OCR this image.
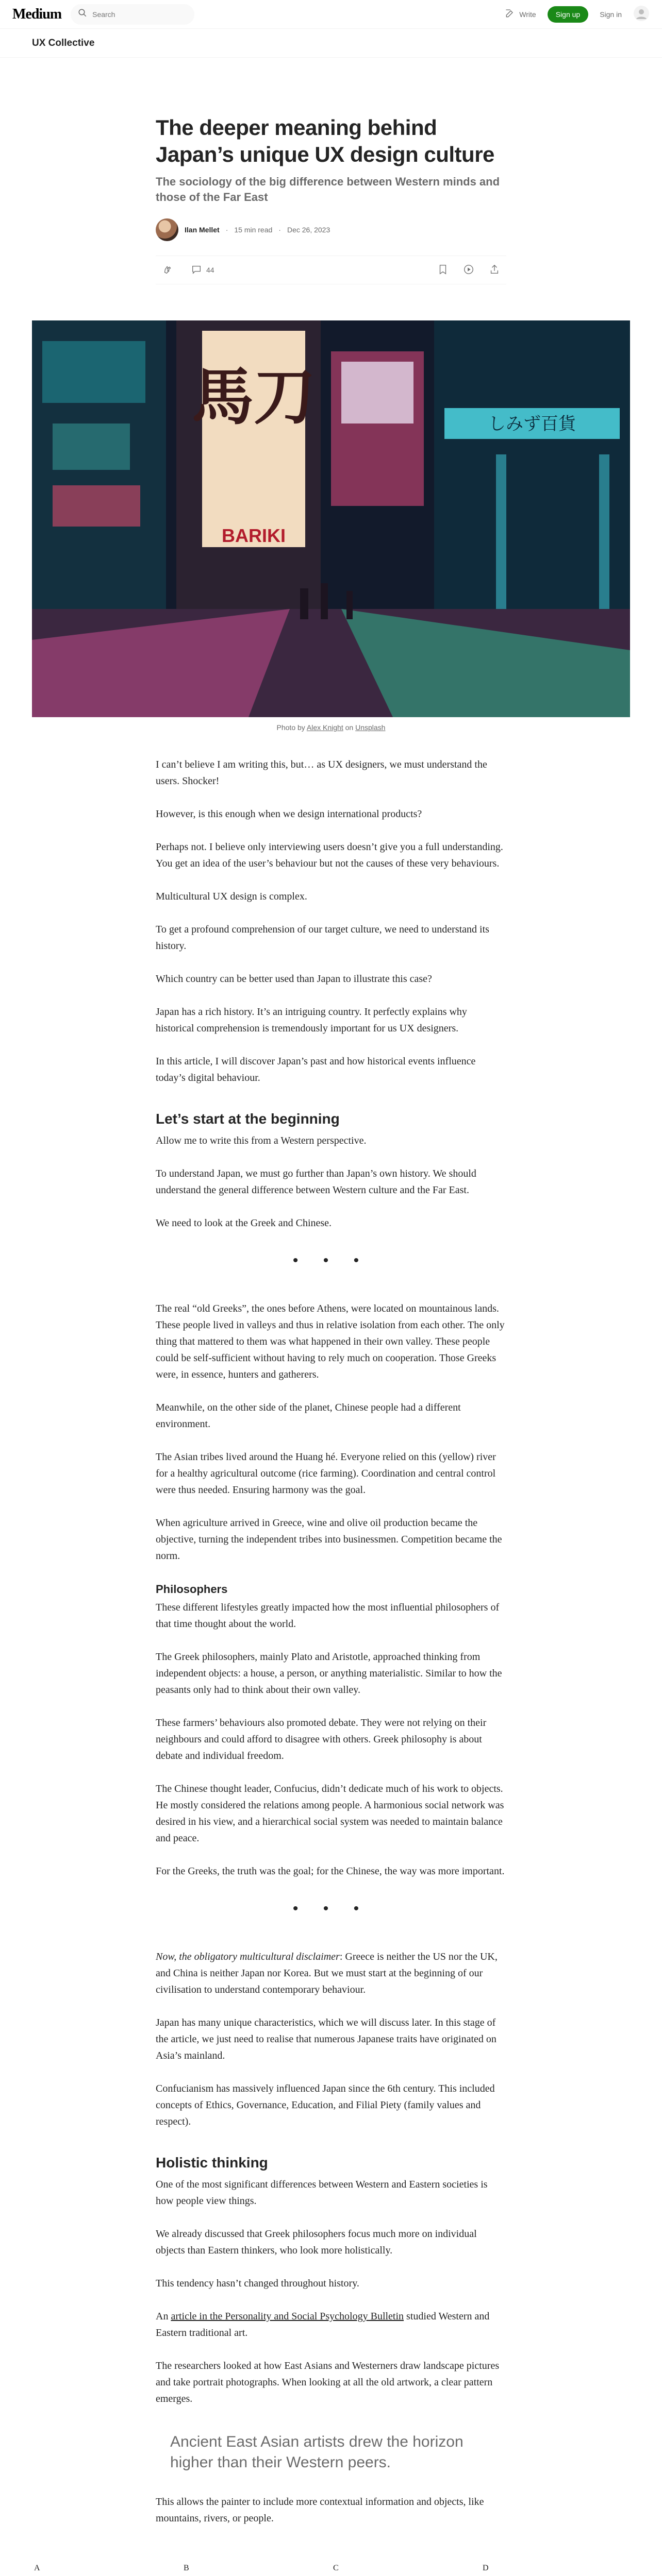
Medium
Search	Write	Sign up	Sign in
UX Collective
The deeper meaning behind Japan’s unique UX design culture
The sociology of the big difference between Western minds and those of the Far East
Ilan Mellet · 15 min read · Dec 26, 2023
44
馬刀
BARIKI
しみず百貨
Photo by Alex Knight on Unsplash

I can’t believe I am writing this, but… as UX designers, we must understand the users. Shocker!

However, is this enough when we design international products?

Perhaps not. I believe only interviewing users doesn’t give you a full understanding. You get an idea of the user’s behaviour but not the causes of these very behaviours.

Multicultural UX design is complex.

To get a profound comprehension of our target culture, we need to understand its history.

Which country can be better used than Japan to illustrate this case?

Japan has a rich history. It’s an intriguing country. It perfectly explains why historical comprehension is tremendously important for us UX designers.

In this article, I will discover Japan’s past and how historical events influence today’s digital behaviour.

Let’s start at the beginning

Allow me to write this from a Western perspective.

To understand Japan, we must go further than Japan’s own history. We should understand the general difference between Western culture and the Far East.

We need to look at the Greek and Chinese.

• • •

The real “old Greeks”, the ones before Athens, were located on mountainous lands. These people lived in valleys and thus in relative isolation from each other. The only thing that mattered to them was what happened in their own valley. These people could be self-sufficient without having to rely much on cooperation. Those Greeks were, in essence, hunters and gatherers.

Meanwhile, on the other side of the planet, Chinese people had a different environment.

The Asian tribes lived around the Huang hé. Everyone relied on this (yellow) river for a healthy agricultural outcome (rice farming). Coordination and central control were thus needed. Ensuring harmony was the goal.

When agriculture arrived in Greece, wine and olive oil production became the objective, turning the independent tribes into businessmen. Competition became the norm.

Philosophers

These different lifestyles greatly impacted how the most influential philosophers of that time thought about the world.

The Greek philosophers, mainly Plato and Aristotle, approached thinking from independent objects: a house, a person, or anything materialistic. Similar to how the peasants only had to think about their own valley.

These farmers’ behaviours also promoted debate. They were not relying on their neighbours and could afford to disagree with others. Greek philosophy is about debate and individual freedom.

The Chinese thought leader, Confucius, didn’t dedicate much of his work to objects. He mostly considered the relations among people. A harmonious social network was desired in his view, and a hierarchical social system was needed to maintain balance and peace.

For the Greeks, the truth was the goal; for the Chinese, the way was more important.

• • •

Now, the obligatory multicultural disclaimer: Greece is neither the US nor the UK, and China is neither Japan nor Korea. But we must start at the beginning of our civilisation to understand contemporary behaviour.

Japan has many unique characteristics, which we will discuss later. In this stage of the article, we just need to realise that numerous Japanese traits have originated on Asia’s mainland.

Confucianism has massively influenced Japan since the 6th century. This included concepts of Ethics, Governance, Education, and Filial Piety (family values and respect).

Holistic thinking

One of the most significant differences between Western and Eastern societies is how people view things.

We already discussed that Greek philosophers focus much more on individual objects than Eastern thinkers, who look more holistically.

This tendency hasn’t changed throughout history.

An article in the Personality and Social Psychology Bulletin studied Western and Eastern traditional art.

The researchers looked at how East Asians and Westerners draw landscape pictures and take portrait photographs. When looking at all the old artwork, a clear pattern emerges.

Ancient East Asian artists drew the horizon higher than their Western peers.

This allows the painter to include more contextual information and objects, like mountains, rivers, or people.

A	B	C	D
